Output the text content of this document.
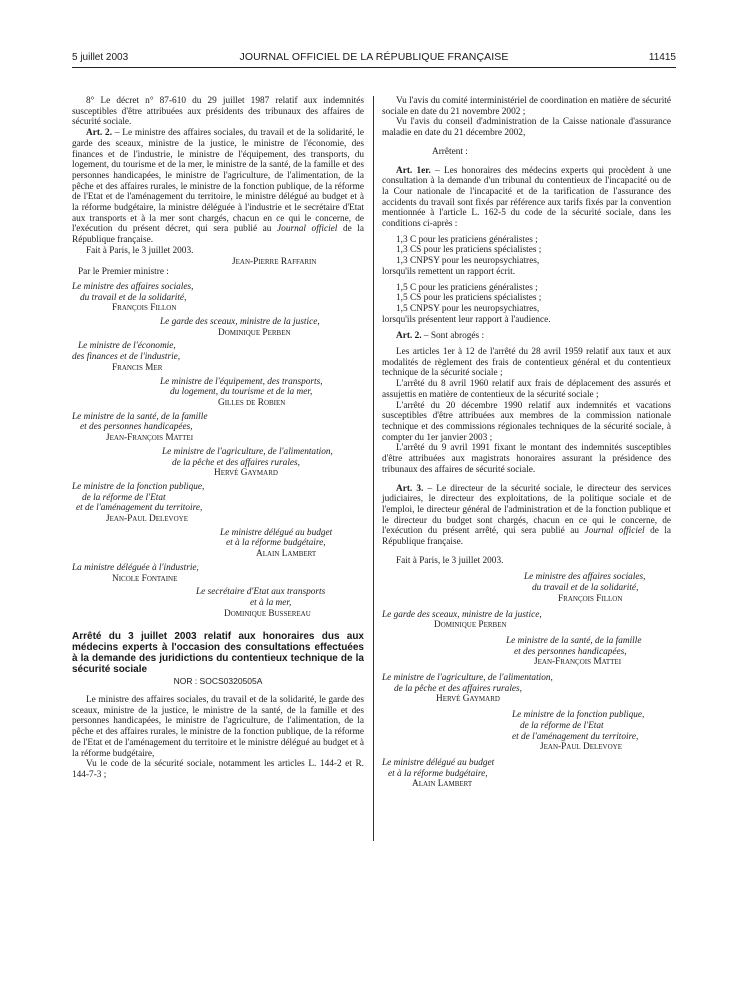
5 juillet 2003	JOURNAL OFFICIEL DE LA RÉPUBLIQUE FRANÇAISE	11415

8° Le décret n° 87-610 du 29 juillet 1987 relatif aux indemnités susceptibles d'être attribuées aux présidents des tribunaux des affaires de sécurité sociale.

Art. 2. – Le ministre des affaires sociales, du travail et de la solidarité, le garde des sceaux, ministre de la justice, le ministre de l'économie, des finances et de l'industrie, le ministre de l'équipement, des transports, du logement, du tourisme et de la mer, le ministre de la santé, de la famille et des personnes handicapées, le ministre de l'agriculture, de l'alimentation, de la pêche et des affaires rurales, le ministre de la fonction publique, de la réforme de l'Etat et de l'aménagement du territoire, le ministre délégué au budget et à la réforme budgétaire, la ministre déléguée à l'industrie et le secrétaire d'Etat aux transports et à la mer sont chargés, chacun en ce qui le concerne, de l'exécution du présent décret, qui sera publié au Journal officiel de la République française.

Fait à Paris, le 3 juillet 2003.

Jean-Pierre Raffarin

Par le Premier ministre :

Le ministre des affaires sociales,

du travail et de la solidarité,

François Fillon

Le garde des sceaux, ministre de la justice,

Dominique Perben

Le ministre de l'économie,

des finances et de l'industrie,

Francis Mer

Le ministre de l'équipement, des transports,

du logement, du tourisme et de la mer,

Gilles de Robien

Le ministre de la santé, de la famille

et des personnes handicapées,

Jean-François Mattei

Le ministre de l'agriculture, de l'alimentation,

de la pêche et des affaires rurales,

Hervé Gaymard

Le ministre de la fonction publique,

de la réforme de l'Etat

et de l'aménagement du territoire,

Jean-Paul Delevoye

Le ministre délégué au budget

et à la réforme budgétaire,

Alain Lambert

La ministre déléguée à l'industrie,

Nicole Fontaine

Le secrétaire d'Etat aux transports

et à la mer,

Dominique Bussereau

Arrêté du 3 juillet 2003 relatif aux honoraires dus aux médecins experts à l'occasion des consultations effectuées à la demande des juridictions du contentieux technique de la sécurité sociale

NOR : SOCS0320505A

Le ministre des affaires sociales, du travail et de la solidarité, le garde des sceaux, ministre de la justice, le ministre de la santé, de la famille et des personnes handicapées, le ministre de l'agriculture, de l'alimentation, de la pêche et des affaires rurales, le ministre de la fonction publique, de la réforme de l'Etat et de l'aménagement du territoire et le ministre délégué au budget et à la réforme budgétaire,

Vu le code de la sécurité sociale, notamment les articles L. 144-2 et R. 144-7-3 ;

Vu l'avis du comité interministériel de coordination en matière de sécurité sociale en date du 21 novembre 2002 ;

Vu l'avis du conseil d'administration de la Caisse nationale d'assurance maladie en date du 21 décembre 2002,

Arrêtent :

Art. 1er. – Les honoraires des médecins experts qui procèdent à une consultation à la demande d'un tribunal du contentieux de l'incapacité ou de la Cour nationale de l'incapacité et de la tarification de l'assurance des accidents du travail sont fixés par référence aux tarifs fixés par la convention mentionnée à l'article L. 162-5 du code de la sécurité sociale, dans les conditions ci-après :

1,3 C pour les praticiens généralistes ;

1,3 CS pour les praticiens spécialistes ;

1,3 CNPSY pour les neuropsychiatres,

lorsqu'ils remettent un rapport écrit.

1,5 C pour les praticiens généralistes ;

1,5 CS pour les praticiens spécialistes ;

1,5 CNPSY pour les neuropsychiatres,

lorsqu'ils présentent leur rapport à l'audience.

Art. 2. – Sont abrogés :

Les articles 1er à 12 de l'arrêté du 28 avril 1959 relatif aux taux et aux modalités de règlement des frais de contentieux général et du contentieux technique de la sécurité sociale ;

L'arrêté du 8 avril 1960 relatif aux frais de déplacement des assurés et assujettis en matière de contentieux de la sécurité sociale ;

L'arrêté du 20 décembre 1990 relatif aux indemnités et vacations susceptibles d'être attribuées aux membres de la commission nationale technique et des commissions régionales techniques de la sécurité sociale, à compter du 1er janvier 2003 ;

L'arrêté du 9 avril 1991 fixant le montant des indemnités susceptibles d'être attribuées aux magistrats honoraires assurant la présidence des tribunaux des affaires de sécurité sociale.

Art. 3. – Le directeur de la sécurité sociale, le directeur des services judiciaires, le directeur des exploitations, de la politique sociale et de l'emploi, le directeur général de l'administration et de la fonction publique et le directeur du budget sont chargés, chacun en ce qui le concerne, de l'exécution du présent arrêté, qui sera publié au Journal officiel de la République française.

Fait à Paris, le 3 juillet 2003.

Le ministre des affaires sociales,

du travail et de la solidarité,

François Fillon

Le garde des sceaux, ministre de la justice,

Dominique Perben

Le ministre de la santé, de la famille

et des personnes handicapées,

Jean-François Mattei

Le ministre de l'agriculture, de l'alimentation,

de la pêche et des affaires rurales,

Hervé Gaymard

Le ministre de la fonction publique,

de la réforme de l'Etat

et de l'aménagement du territoire,

Jean-Paul Delevoye

Le ministre délégué au budget

et à la réforme budgétaire,

Alain Lambert
